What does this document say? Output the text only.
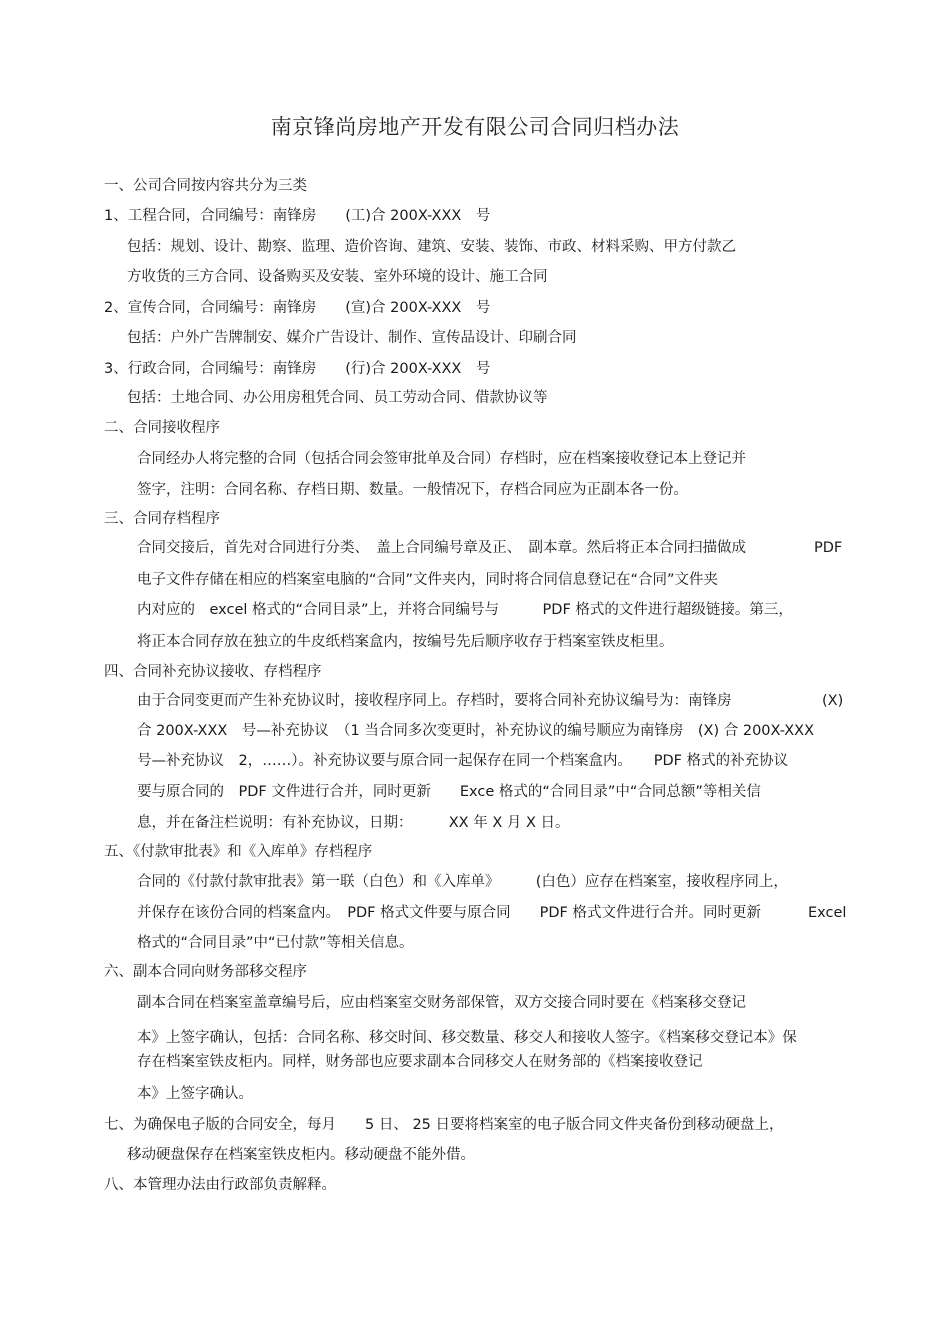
南京锋尚房地产开发有限公司合同归档办法
一、公司合同按内容共分为三类
1、工程合同，合同编号：南锋房　　(工)合 200X-XXX　号
包括：规划、设计、勘察、监理、造价咨询、建筑、安装、装饰、市政、材料采购、甲方付款乙
方收货的三方合同、设备购买及安装、室外环境的设计、施工合同
2、宣传合同，合同编号：南锋房　　(宣)合 200X-XXX　号
包括：户外广告牌制安、媒介广告设计、制作、宣传品设计、印刷合同
3、行政合同，合同编号：南锋房　　(行)合 200X-XXX　号
包括：土地合同、办公用房租凭合同、员工劳动合同、借款协议等
二、合同接收程序
合同经办人将完整的合同（包括合同会签审批单及合同）存档时，应在档案接收登记本上登记并
签字，注明：合同名称、存档日期、数量。一般情况下，存档合同应为正副本各一份。
三、合同存档程序
合同交接后，首先对合同进行分类、　盖上合同编号章及正、　副本章。然后将正本合同扫描做成	PDF
电子文件存储在相应的档案室电脑的“合同”文件夹内，同时将合同信息登记在“合同”文件夹
内对应的　excel 格式的“合同目录”上，并将合同编号与　　　PDF 格式的文件进行超级链接。第三，
将正本合同存放在独立的牛皮纸档案盒内，按编号先后顺序收存于档案室铁皮柜里。
四、合同补充协议接收、存档程序
由于合同变更而产生补充协议时，接收程序同上。存档时，要将合同补充协议编号为：南锋房	(X)
合 200X-XXX　号—补充协议　（1 当合同多次变更时，补充协议的编号顺应为南锋房　(X) 合 200X-XXX
号—补充协议　2，……）。补充协议要与原合同一起保存在同一个档案盒内。　　PDF 格式的补充协议
要与原合同的　PDF 文件进行合并，同时更新　　Exce 格式的“合同目录”中“合同总额”等相关信
息，并在备注栏说明：有补充协议，日期：　　　XX 年 X 月 X 日。
五、《付款审批表》和《入库单》存档程序
合同的《付款付款审批表》第一联（白色）和《入库单》　　　(白色）应存在档案室，接收程序同上，
并保存在该份合同的档案盒内。　PDF 格式文件要与原合同　　PDF 格式文件进行合并。同时更新	Excel
格式的“合同目录”中“已付款”等相关信息。
六、副本合同向财务部移交程序
副本合同在档案室盖章编号后，应由档案室交财务部保管，双方交接合同时要在《档案移交登记
本》上签字确认，包括：合同名称、移交时间、移交数量、移交人和接收人签字。《档案移交登记本》保
存在档案室铁皮柜内。同样，财务部也应要求副本合同移交人在财务部的《档案接收登记
本》上签字确认。
七、为确保电子版的合同安全，每月　　5 日、 25 日要将档案室的电子版合同文件夹备份到移动硬盘上，
移动硬盘保存在档案室铁皮柜内。移动硬盘不能外借。
八、本管理办法由行政部负责解释。
